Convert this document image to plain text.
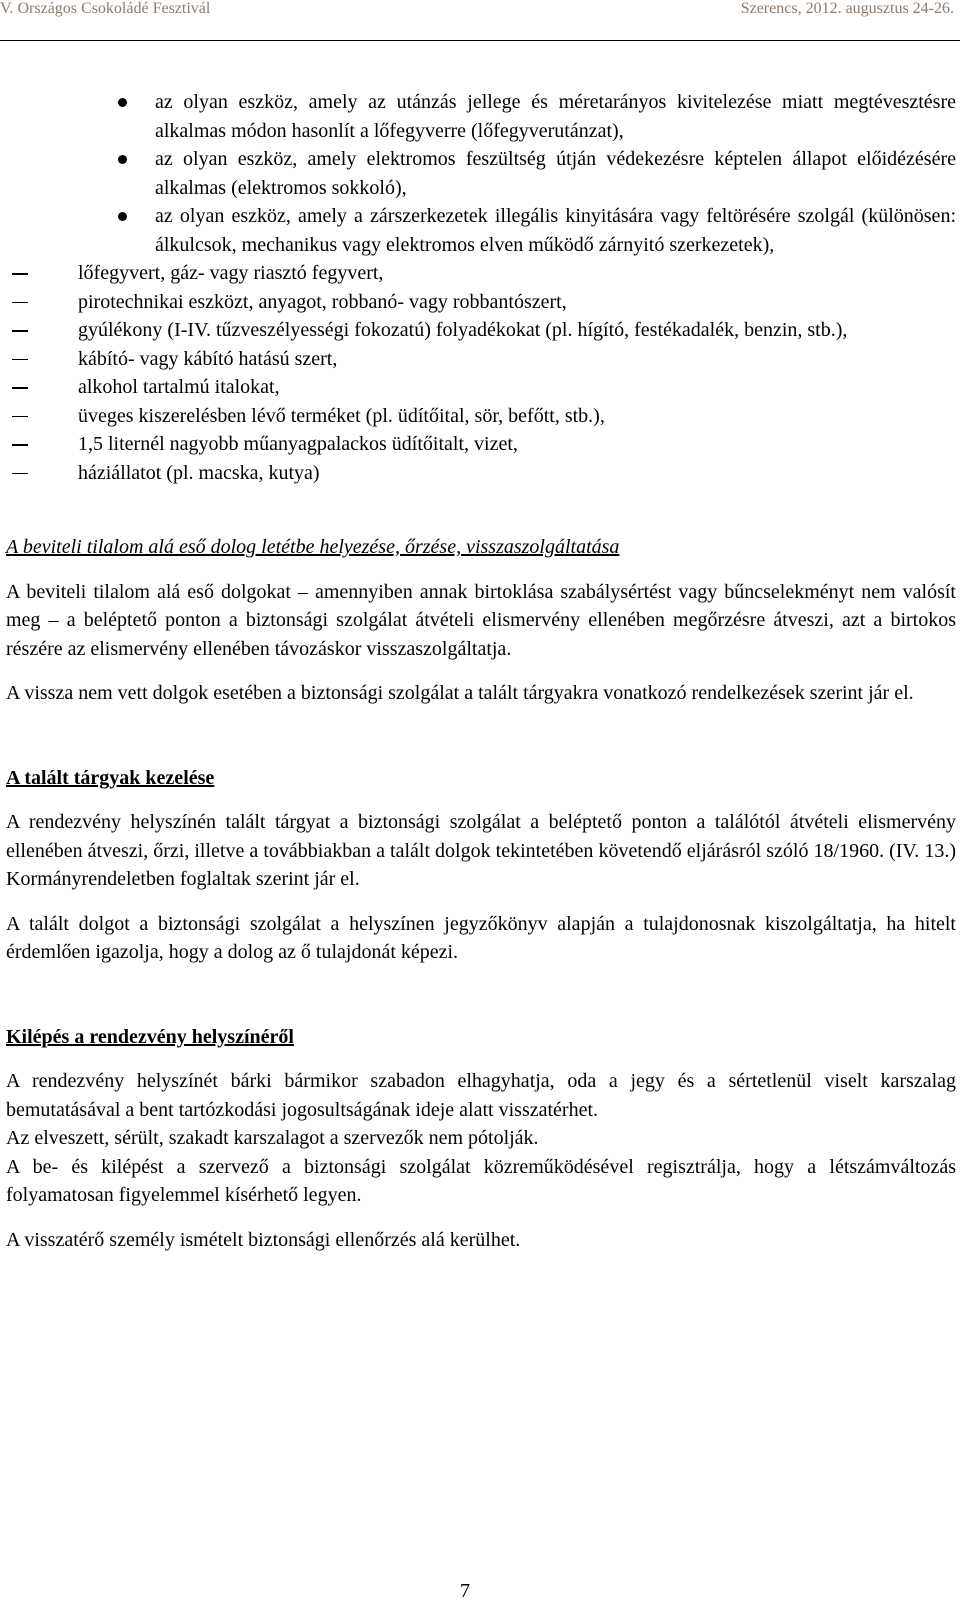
V. Országos Csokoládé Fesztivál	Szerencs, 2012. augusztus 24-26.
az olyan eszköz, amely az utánzás jellege és méretarányos kivitelezése miatt megtévesztésre alkalmas módon hasonlít a lőfegyverre (lőfegyverutánzat),
az olyan eszköz, amely elektromos feszültség útján védekezésre képtelen állapot előidézésére alkalmas (elektromos sokkoló),
az olyan eszköz, amely a zárszerkezetek illegális kinyitására vagy feltörésére szolgál (különösen: álkulcsok, mechanikus vagy elektromos elven működő zárnyitó szerkezetek),
lőfegyvert, gáz- vagy riasztó fegyvert,
pirotechnikai eszközt, anyagot, robbanó- vagy robbantószert,
gyúlékony (I-IV. tűzveszélyességi fokozatú) folyadékokat (pl. hígító, festékadalék, benzin, stb.),
kábító- vagy kábító hatású szert,
alkohol tartalmú italokat,
üveges kiszerelésben lévő terméket (pl. üdítőital, sör, befőtt, stb.),
1,5 liternél nagyobb műanyagpalackos üdítőitalt, vizet,
háziállatot (pl. macska, kutya)

A beviteli tilalom alá eső dolog letétbe helyezése, őrzése, visszaszolgáltatása

A beviteli tilalom alá eső dolgokat – amennyiben annak birtoklása szabálysértést vagy bűncselekményt nem valósít meg – a beléptető ponton a biztonsági szolgálat átvételi elismervény ellenében megőrzésre átveszi, azt a birtokos részére az elismervény ellenében távozáskor visszaszolgáltatja.

A vissza nem vett dolgok esetében a biztonsági szolgálat a talált tárgyakra vonatkozó rendelkezések szerint jár el.

A talált tárgyak kezelése

A rendezvény helyszínén talált tárgyat a biztonsági szolgálat a beléptető ponton a találótól átvételi elismervény ellenében átveszi, őrzi, illetve a továbbiakban a talált dolgok tekintetében követendő eljárásról szóló 18/1960. (IV. 13.) Kormányrendeletben foglaltak szerint jár el.

A talált dolgot a biztonsági szolgálat a helyszínen jegyzőkönyv alapján a tulajdonosnak kiszolgáltatja, ha hitelt érdemlően igazolja, hogy a dolog az ő tulajdonát képezi.

Kilépés a rendezvény helyszínéről

A rendezvény helyszínét bárki bármikor szabadon elhagyhatja, oda a jegy és a sértetlenül viselt karszalag bemutatásával a bent tartózkodási jogosultságának ideje alatt visszatérhet.

Az elveszett, sérült, szakadt karszalagot a szervezők nem pótolják.

A be- és kilépést a szervező a biztonsági szolgálat közreműködésével regisztrálja, hogy a létszámváltozás folyamatosan figyelemmel kísérhető legyen.

A visszatérő személy ismételt biztonsági ellenőrzés alá kerülhet.

7
